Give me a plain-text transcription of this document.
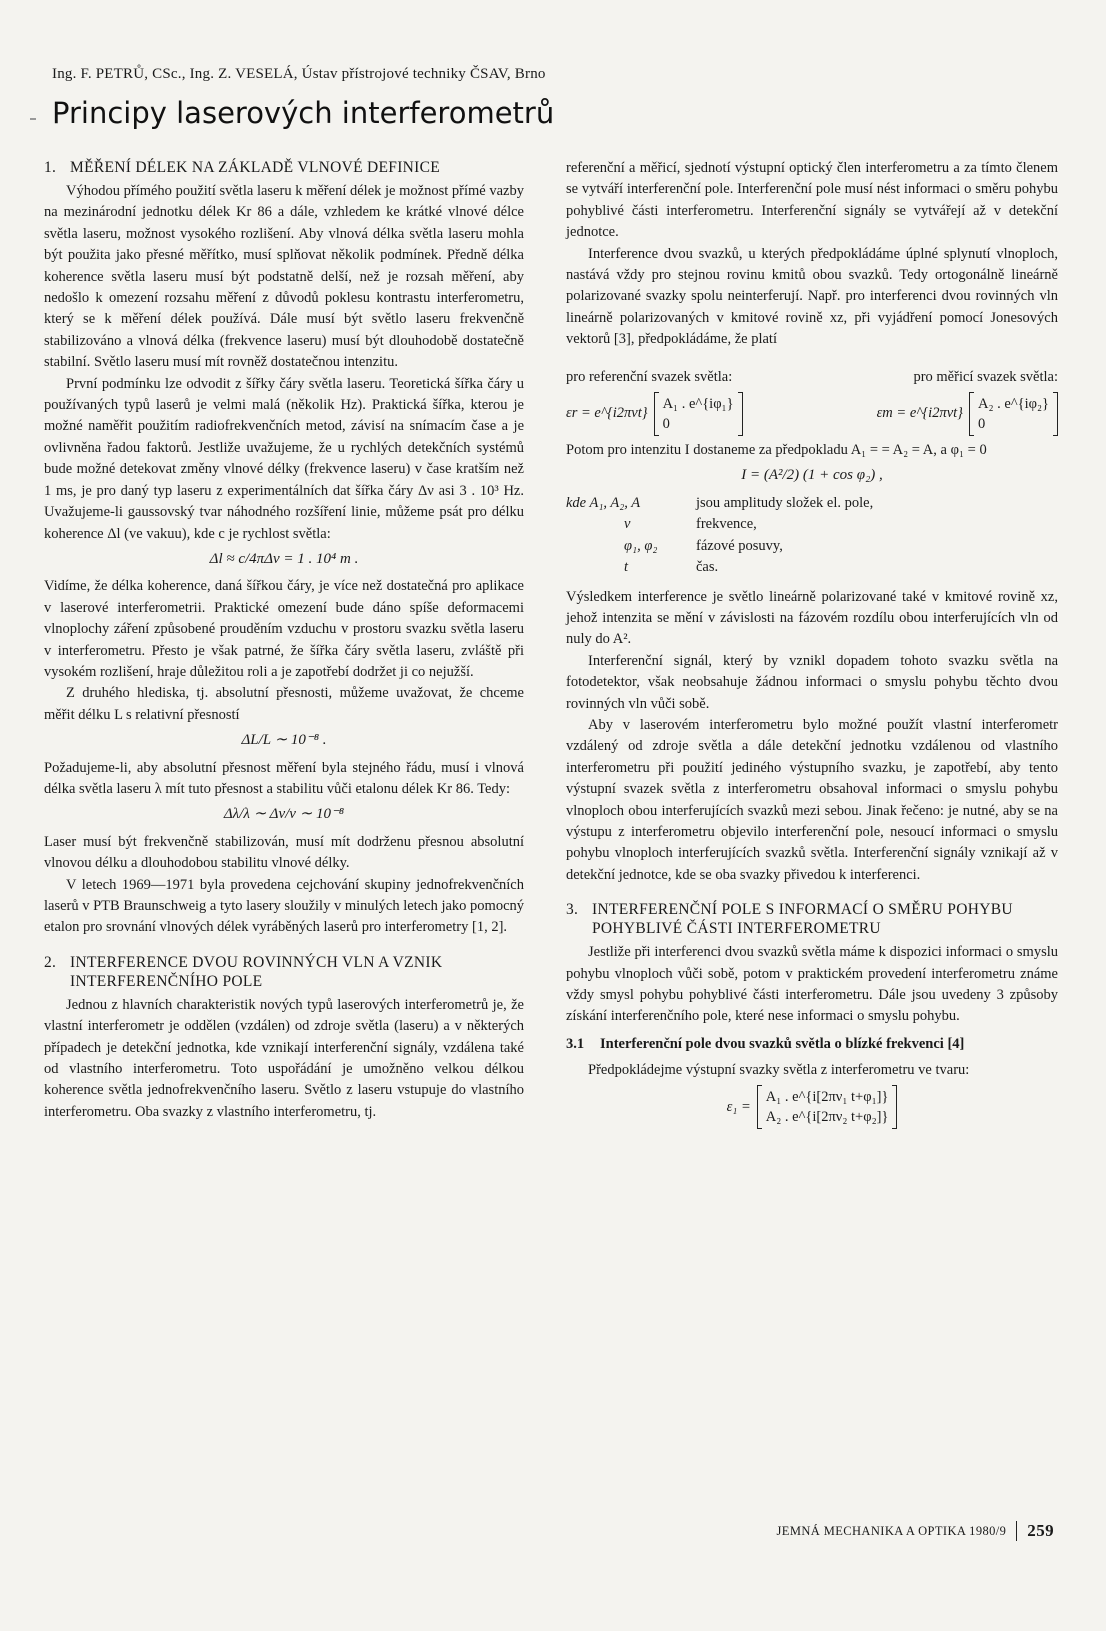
Ing. F. PETRŮ, CSc., Ing. Z. VESELÁ, Ústav přístrojové techniky ČSAV, Brno
Principy laserových interferometrů
1. MĚŘENÍ DÉLEK NA ZÁKLADĚ VLNOVÉ DEFINICE

Výhodou přímého použití světla laseru k měření délek je možnost přímé vazby na mezinárodní jednotku délek Kr 86 a dále, vzhledem ke krátké vlnové délce světla laseru, možnost vysokého rozlišení. Aby vlnová délka světla laseru mohla být použita jako přesné měřítko, musí splňovat několik podmínek. Předně délka koherence světla laseru musí být podstatně delší, než je rozsah měření, aby nedošlo k omezení rozsahu měření z důvodů poklesu kontrastu interferometru, který se k měření délek používá. Dále musí být světlo laseru frekvenčně stabilizováno a vlnová délka (frekvence laseru) musí být dlouhodobě dostatečně stabilní. Světlo laseru musí mít rovněž dostatečnou intenzitu.

První podmínku lze odvodit z šířky čáry světla laseru. Teoretická šířka čáry u používaných typů laserů je velmi malá (několik Hz). Praktická šířka, kterou je možné naměřit použitím radiofrekvenčních metod, závisí na snímacím čase a je ovlivněna řadou faktorů. Jestliže uvažujeme, že u rychlých detekčních systémů bude možné detekovat změny vlnové délky (frekvence laseru) v čase kratším než 1 ms, je pro daný typ laseru z experimentálních dat šířka čáry Δν asi 3 . 10³ Hz. Uvažujeme-li gaussovský tvar náhodného rozšíření linie, můžeme psát pro délku koherence Δl (ve vakuu), kde c je rychlost světla:

Δl ≈ c/4πΔν = 1 . 10⁴ m .

Vidíme, že délka koherence, daná šířkou čáry, je více než dostatečná pro aplikace v laserové interferometrii. Praktické omezení bude dáno spíše deformacemi vlnoplochy záření způsobené prouděním vzduchu v prostoru svazku světla laseru v interferometru. Přesto je však patrné, že šířka čáry světla laseru, zvláště při vysokém rozlišení, hraje důležitou roli a je zapotřebí dodržet ji co nejužší.

Z druhého hlediska, tj. absolutní přesnosti, můžeme uvažovat, že chceme měřit délku L s relativní přesností

ΔL/L ∼ 10⁻⁸ .

Požadujeme-li, aby absolutní přesnost měření byla stejného řádu, musí i vlnová délka světla laseru λ mít tuto přesnost a stabilitu vůči etalonu délek Kr 86. Tedy:

Δλ/λ ∼ Δν/ν ∼ 10⁻⁸

Laser musí být frekvenčně stabilizován, musí mít dodrženu přesnou absolutní vlnovou délku a dlouhodobou stabilitu vlnové délky.

V letech 1969—1971 byla provedena cejchování skupiny jednofrekvenčních laserů v PTB Braunschweig a tyto lasery sloužily v minulých letech jako pomocný etalon pro srovnání vlnových délek vyráběných laserů pro interferometry [1, 2].

2. INTERFERENCE DVOU ROVINNÝCH VLN A VZNIK INTERFERENČNÍHO POLE

Jednou z hlavních charakteristik nových typů laserových interferometrů je, že vlastní interferometr je oddělen (vzdálen) od zdroje světla (laseru) a v některých případech je detekční jednotka, kde vznikají interferenční signály, vzdálena také od vlastního interferometru. Toto uspořádání je umožněno velkou délkou koherence světla jednofrekvenčního laseru. Světlo z laseru vstupuje do vlastního interferometru. Oba svazky z vlastního interferometru, tj.

referenční a měřicí, sjednotí výstupní optický člen interferometru a za tímto členem se vytváří interferenční pole. Interferenční pole musí nést informaci o směru pohybu pohyblivé části interferometru. Interferenční signály se vytvářejí až v detekční jednotce.

Interference dvou svazků, u kterých předpokládáme úplné splynutí vlnoploch, nastává vždy pro stejnou rovinu kmitů obou svazků. Tedy ortogonálně lineárně polarizované svazky spolu neinterferují. Např. pro interferenci dvou rovinných vln lineárně polarizovaných v kmitové rovině xz, při vyjádření pomocí Jonesových vektorů [3], předpokládáme, že platí

pro referenční svazek světla:	pro měřicí svazek světla:
εr = e^{i2πνt}
A₁ . e^{iφ₁}
0
εm = e^{i2πνt}
A₂ . e^{iφ₂}
0

Potom pro intenzitu I dostaneme za předpokladu A₁ = = A₂ = A, a φ₁ = 0

I = (A²/2) (1 + cos φ₂) ,
kde A₁, A₂, A	jsou amplitudy složek el. pole,
ν	frekvence,
φ₁, φ₂	fázové posuvy,
t	čas.

Výsledkem interference je světlo lineárně polarizované také v kmitové rovině xz, jehož intenzita se mění v závislosti na fázovém rozdílu obou interferujících vln od nuly do A².

Interferenční signál, který by vznikl dopadem tohoto svazku světla na fotodetektor, však neobsahuje žádnou informaci o smyslu pohybu těchto dvou rovinných vln vůči sobě.

Aby v laserovém interferometru bylo možné použít vlastní interferometr vzdálený od zdroje světla a dále detekční jednotku vzdálenou od vlastního interferometru při použití jediného výstupního svazku, je zapotřebí, aby tento výstupní svazek světla z interferometru obsahoval informaci o smyslu pohybu vlnoploch obou interferujících svazků mezi sebou. Jinak řečeno: je nutné, aby se na výstupu z interferometru objevilo interferenční pole, nesoucí informaci o smyslu pohybu vlnoploch interferujících svazků světla. Interferenční signály vznikají až v detekční jednotce, kde se oba svazky přivedou k interferenci.

3. INTERFERENČNÍ POLE S INFORMACÍ O SMĚRU POHYBU POHYBLIVÉ ČÁSTI INTERFEROMETRU

Jestliže při interferenci dvou svazků světla máme k dispozici informaci o smyslu pohybu vlnoploch vůči sobě, potom v praktickém provedení interferometru známe vždy smysl pohybu pohyblivé části interferometru. Dále jsou uvedeny 3 způsoby získání interferenčního pole, které nese informaci o smyslu pohybu.

3.1 Interferenční pole dvou svazků světla o blízké frekvenci [4]

Předpokládejme výstupní svazky světla z interferometru ve tvaru:

ε₁ =
A₁ . e^{i[2πν₁ t+φ₁]}
A₂ . e^{i[2πν₂ t+φ₂]}
JEMNÁ MECHANIKA A OPTIKA 1980/9	259
